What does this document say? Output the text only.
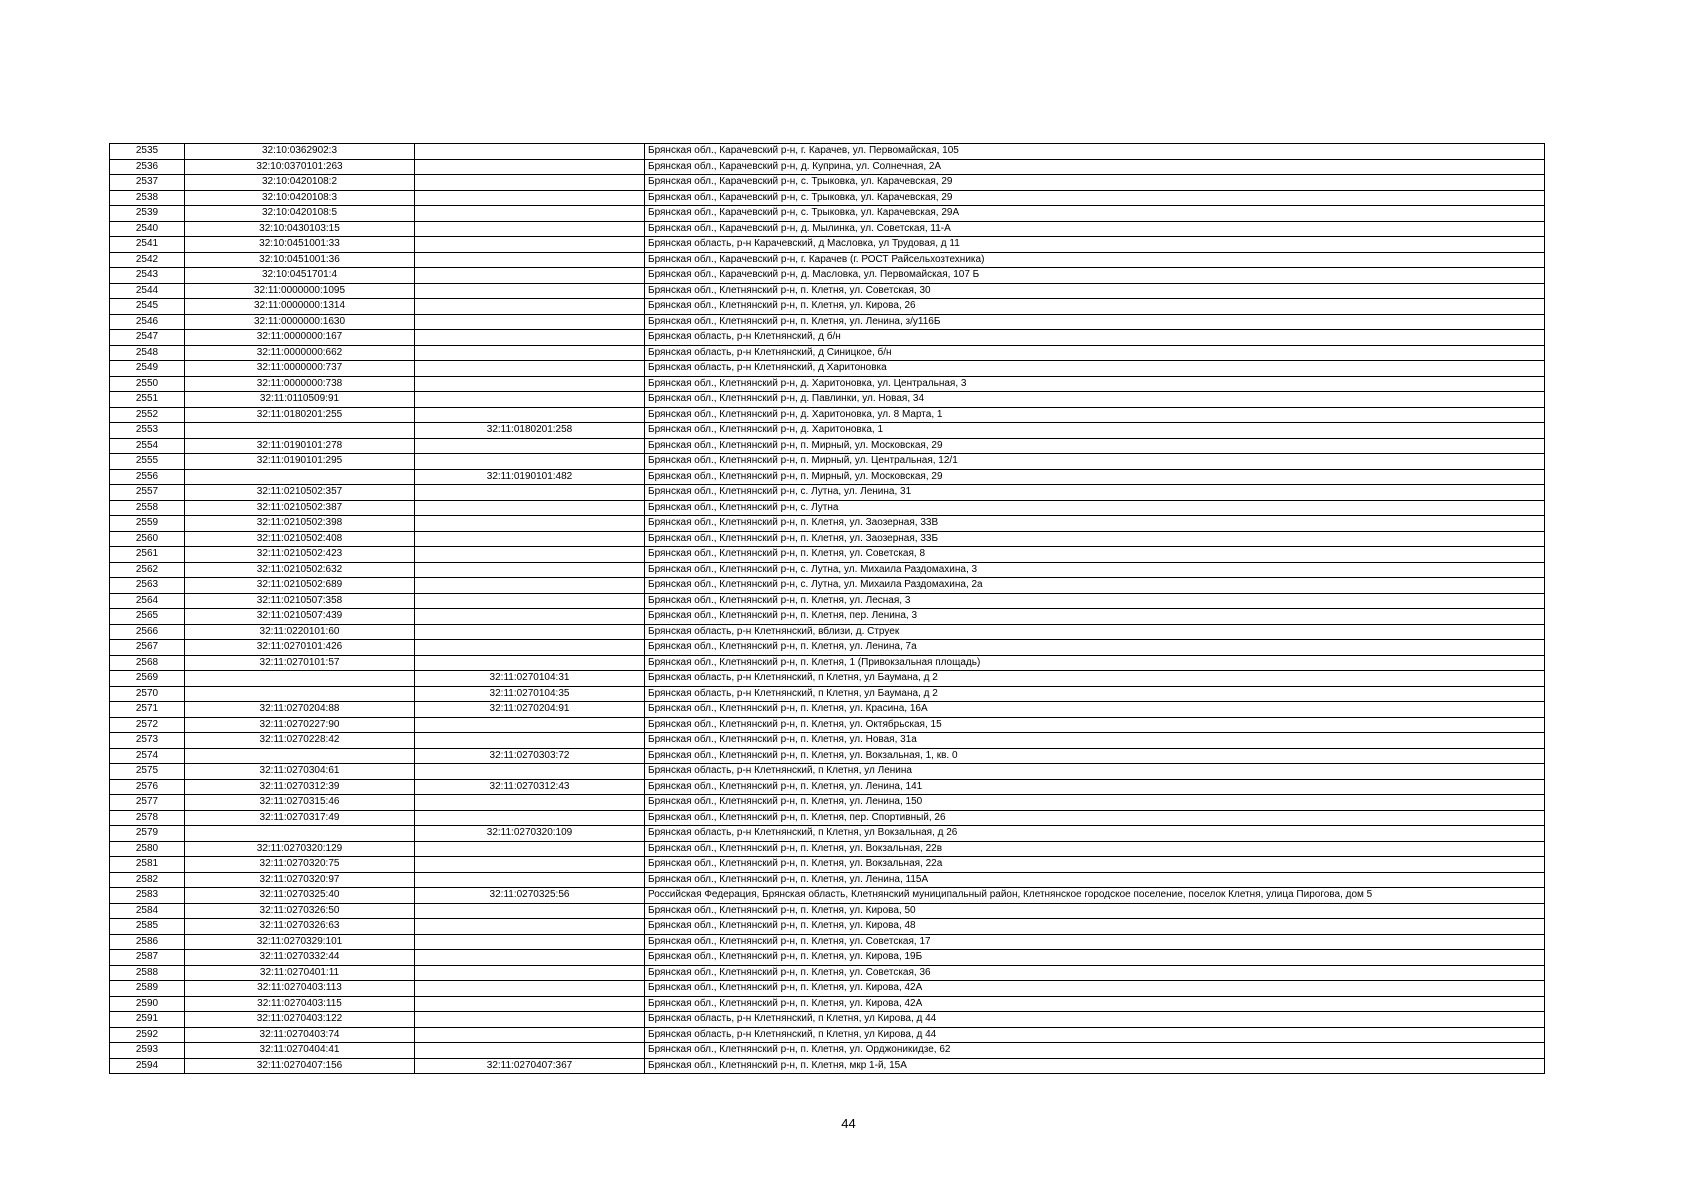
2535	32:10:0362902:3		Брянская обл., Карачевский р-н, г. Карачев, ул. Первомайская, 105
2536	32:10:0370101:263		Брянская обл., Карачевский р-н, д. Куприна, ул. Солнечная, 2А
2537	32:10:0420108:2		Брянская обл., Карачевский р-н, с. Трыковка, ул. Карачевская, 29
2538	32:10:0420108:3		Брянская обл., Карачевский р-н, с. Трыковка, ул. Карачевская, 29
2539	32:10:0420108:5		Брянская обл., Карачевский р-н, с. Трыковка, ул. Карачевская, 29А
2540	32:10:0430103:15		Брянская обл., Карачевский р-н, д. Мылинка, ул. Советская, 11-А
2541	32:10:0451001:33		Брянская область, р-н Карачевский, д Масловка, ул Трудовая, д 11
2542	32:10:0451001:36		Брянская обл., Карачевский р-н, г. Карачев (г. РОСТ Райсельхозтехника)
2543	32:10:0451701:4		Брянская обл., Карачевский р-н, д. Масловка, ул. Первомайская, 107 Б
2544	32:11:0000000:1095		Брянская обл., Клетнянский р-н, п. Клетня, ул. Советская, 30
2545	32:11:0000000:1314		Брянская обл., Клетнянский р-н, п. Клетня, ул. Кирова, 26
2546	32:11:0000000:1630		Брянская обл., Клетнянский р-н, п. Клетня, ул. Ленина, з/у116Б
2547	32:11:0000000:167		Брянская область, р-н Клетнянский, д б/н
2548	32:11:0000000:662		Брянская область, р-н Клетнянский, д Синицкое, б/н
2549	32:11:0000000:737		Брянская область, р-н Клетнянский, д Харитоновка
2550	32:11:0000000:738		Брянская обл., Клетнянский р-н, д. Харитоновка, ул. Центральная, 3
2551	32:11:0110509:91		Брянская обл., Клетнянский р-н, д. Павлинки, ул. Новая, 34
2552	32:11:0180201:255		Брянская обл., Клетнянский р-н, д. Харитоновка, ул. 8 Марта, 1
2553		32:11:0180201:258	Брянская обл., Клетнянский р-н, д. Харитоновка, 1
2554	32:11:0190101:278		Брянская обл., Клетнянский р-н, п. Мирный, ул. Московская, 29
2555	32:11:0190101:295		Брянская обл., Клетнянский р-н, п. Мирный, ул. Центральная, 12/1
2556		32:11:0190101:482	Брянская обл., Клетнянский р-н, п. Мирный, ул. Московская, 29
2557	32:11:0210502:357		Брянская обл., Клетнянский р-н, с. Лутна, ул. Ленина, 31
2558	32:11:0210502:387		Брянская обл., Клетнянский р-н, с. Лутна
2559	32:11:0210502:398		Брянская обл., Клетнянский р-н, п. Клетня, ул. Заозерная, 33В
2560	32:11:0210502:408		Брянская обл., Клетнянский р-н, п. Клетня, ул. Заозерная, 33Б
2561	32:11:0210502:423		Брянская обл., Клетнянский р-н, п. Клетня, ул. Советская, 8
2562	32:11:0210502:632		Брянская обл., Клетнянский р-н, с. Лутна, ул. Михаила Раздомахина, 3
2563	32:11:0210502:689		Брянская обл., Клетнянский р-н, с. Лутна, ул. Михаила Раздомахина, 2а
2564	32:11:0210507:358		Брянская обл., Клетнянский р-н, п. Клетня, ул. Лесная, 3
2565	32:11:0210507:439		Брянская обл., Клетнянский р-н, п. Клетня, пер. Ленина, 3
2566	32:11:0220101:60		Брянская область, р-н Клетнянский, вблизи, д. Струек
2567	32:11:0270101:426		Брянская обл., Клетнянский р-н, п. Клетня, ул. Ленина, 7а
2568	32:11:0270101:57		Брянская обл., Клетнянский р-н, п. Клетня, 1 (Привокзальная площадь)
2569		32:11:0270104:31	Брянская область, р-н Клетнянский, п Клетня, ул Баумана, д 2
2570		32:11:0270104:35	Брянская область, р-н Клетнянский, п Клетня, ул Баумана, д 2
2571	32:11:0270204:88	32:11:0270204:91	Брянская обл., Клетнянский р-н, п. Клетня, ул. Красина, 16А
2572	32:11:0270227:90		Брянская обл., Клетнянский р-н, п. Клетня, ул. Октябрьская, 15
2573	32:11:0270228:42		Брянская обл., Клетнянский р-н, п. Клетня, ул. Новая, 31а
2574		32:11:0270303:72	Брянская обл., Клетнянский р-н, п. Клетня, ул. Вокзальная, 1, кв. 0
2575	32:11:0270304:61		Брянская область, р-н Клетнянский, п Клетня, ул Ленина
2576	32:11:0270312:39	32:11:0270312:43	Брянская обл., Клетнянский р-н, п. Клетня, ул. Ленина, 141
2577	32:11:0270315:46		Брянская обл., Клетнянский р-н, п. Клетня, ул. Ленина, 150
2578	32:11:0270317:49		Брянская обл., Клетнянский р-н, п. Клетня, пер. Спортивный, 26
2579		32:11:0270320:109	Брянская область, р-н Клетнянский, п Клетня, ул Вокзальная, д 26
2580	32:11:0270320:129		Брянская обл., Клетнянский р-н, п. Клетня, ул. Вокзальная, 22в
2581	32:11:0270320:75		Брянская обл., Клетнянский р-н, п. Клетня, ул. Вокзальная, 22а
2582	32:11:0270320:97		Брянская обл., Клетнянский р-н, п. Клетня, ул. Ленина, 115А
2583	32:11:0270325:40	32:11:0270325:56	Российская Федерация, Брянская область, Клетнянский муниципальный район, Клетнянское городское поселение, поселок Клетня, улица Пирогова, дом 5
2584	32:11:0270326:50		Брянская обл., Клетнянский р-н, п. Клетня, ул. Кирова, 50
2585	32:11:0270326:63		Брянская обл., Клетнянский р-н, п. Клетня, ул. Кирова, 48
2586	32:11:0270329:101		Брянская обл., Клетнянский р-н, п. Клетня, ул. Советская, 17
2587	32:11:0270332:44		Брянская обл., Клетнянский р-н, п. Клетня, ул. Кирова, 19Б
2588	32:11:0270401:11		Брянская обл., Клетнянский р-н, п. Клетня, ул. Советская, 36
2589	32:11:0270403:113		Брянская обл., Клетнянский р-н, п. Клетня, ул. Кирова, 42А
2590	32:11:0270403:115		Брянская обл., Клетнянский р-н, п. Клетня, ул. Кирова, 42А
2591	32:11:0270403:122		Брянская область, р-н Клетнянский, п Клетня, ул Кирова, д 44
2592	32:11:0270403:74		Брянская область, р-н Клетнянский, п Клетня, ул Кирова, д 44
2593	32:11:0270404:41		Брянская обл., Клетнянский р-н, п. Клетня, ул. Орджоникидзе, 62
2594	32:11:0270407:156	32:11:0270407:367	Брянская обл., Клетнянский р-н, п. Клетня, мкр 1-й, 15А
44
